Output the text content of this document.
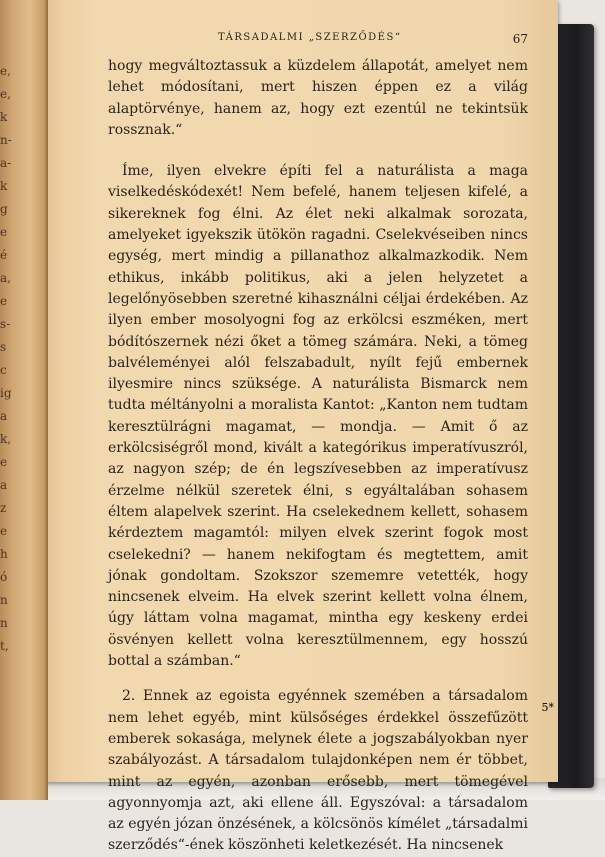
TÁRSADALMI „SZERZŐDÉS“	67

hogy megváltoztassuk a küzdelem állapotát, amelyet nem lehet módosítani, mert hiszen éppen ez a világ alaptörvénye, hanem az, hogy ezt ezentúl ne tekintsük rossznak.“

Íme, ilyen elvekre építi fel a naturálista a maga viselkedéskódexét! Nem befelé, hanem teljesen kifelé, a sikereknek fog élni. Az élet neki alkalmak sorozata, amelyeket igyekszik ütökön ragadni. Cselekvéseiben nincs egység, mert mindig a pillanathoz alkalmazkodik. Nem ethikus, inkább politikus, aki a jelen helyzetet a legelőnyösebben szeretné kihasználni céljai érdekében. Az ilyen ember mosolyogni fog az erkölcsi eszméken, mert bódítószernek nézi őket a tömeg számára. Neki, a tömeg balvéleményei alól felszabadult, nyílt fejű embernek ilyesmire nincs szüksége. A naturálista Bismarck nem tudta méltányolni a moralista Kantot: „Kanton nem tudtam keresztülrágni magamat, — mondja. — Amit ő az erkölcsiségről mond, kivált a kategórikus imperatívuszról, az nagyon szép; de én legszívesebben az imperatívusz érzelme nélkül szeretek élni, s egyáltalában sohasem éltem alapelvek szerint. Ha cselekednem kellett, sohasem kérdeztem magamtól: milyen elvek szerint fogok most cselekedni? — hanem nekifogtam és megtettem, amit jónak gondoltam. Szokszor szememre vetették, hogy nincsenek elveim. Ha elvek szerint kellett volna élnem, úgy láttam volna magamat, mintha egy keskeny erdei ösvényen kellett volna keresztülmennem, egy hosszú bottal a számban.“

2. Ennek az egoista egyénnek szemében a társadalom nem lehet egyéb, mint külsőséges érdekkel összefűzött emberek sokasága, melynek élete a jogszabályokban nyer szabályozást. A társadalom tulajdonképen nem ér többet, mint az egyén, azonban erősebb, mert tömegével agyonnyomja azt, aki ellene áll. Egyszóval: a társadalom az egyén józan önzésének, a kölcsönös kímélet „társadalmi szerződés“-ének köszönheti keletkezését. Ha nincsenek

5*
e,
e,
k
n-
a-
k
g
e
é
a,
e
s-
s
c
ig
a
k,
e
a
z
e
h
ó
n
n
t,
